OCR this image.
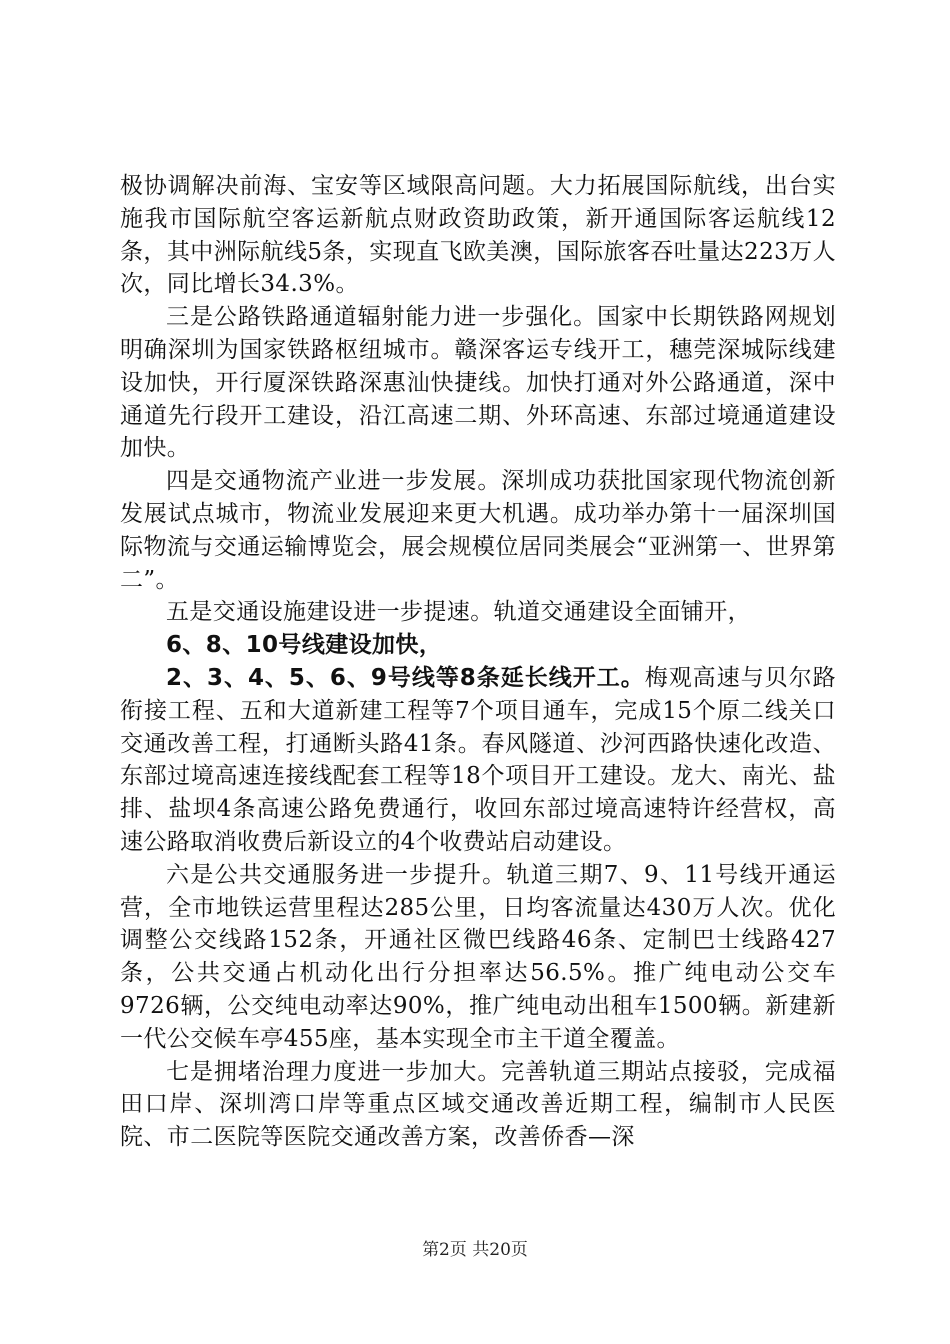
极协调解决前海、宝安等区域限高问题。大力拓展国际航线，出台实施我市国际航空客运新航点财政资助政策，新开通国际客运航线12条，其中洲际航线5条，实现直飞欧美澳，国际旅客吞吐量达223万人次，同比增长34.3%。

三是公路铁路通道辐射能力进一步强化。国家中长期铁路网规划明确深圳为国家铁路枢纽城市。赣深客运专线开工，穗莞深城际线建设加快，开行厦深铁路深惠汕快捷线。加快打通对外公路通道，深中通道先行段开工建设，沿江高速二期、外环高速、东部过境通道建设加快。

四是交通物流产业进一步发展。深圳成功获批国家现代物流创新发展试点城市，物流业发展迎来更大机遇。成功举办第十一届深圳国际物流与交通运输博览会，展会规模位居同类展会“亚洲第一、世界第二”。

五是交通设施建设进一步提速。轨道交通建设全面铺开，

6、8、10号线建设加快，

2、3、4、5、6、9号线等8条延长线开工。梅观高速与贝尔路衔接工程、五和大道新建工程等7个项目通车，完成15个原二线关口交通改善工程，打通断头路41条。春风隧道、沙河西路快速化改造、东部过境高速连接线配套工程等18个项目开工建设。龙大、南光、盐排、盐坝4条高速公路免费通行，收回东部过境高速特许经营权，高速公路取消收费后新设立的4个收费站启动建设。

六是公共交通服务进一步提升。轨道三期7、9、11号线开通运营，全市地铁运营里程达285公里，日均客流量达430万人次。优化调整公交线路152条，开通社区微巴线路46条、定制巴士线路427条，公共交通占机动化出行分担率达56.5%。推广纯电动公交车9726辆，公交纯电动率达90%，推广纯电动出租车1500辆。新建新一代公交候车亭455座，基本实现全市主干道全覆盖。

七是拥堵治理力度进一步加大。完善轨道三期站点接驳，完成福田口岸、深圳湾口岸等重点区域交通改善近期工程，编制市人民医院、市二医院等医院交通改善方案，改善侨香—深

第2页 共20页
